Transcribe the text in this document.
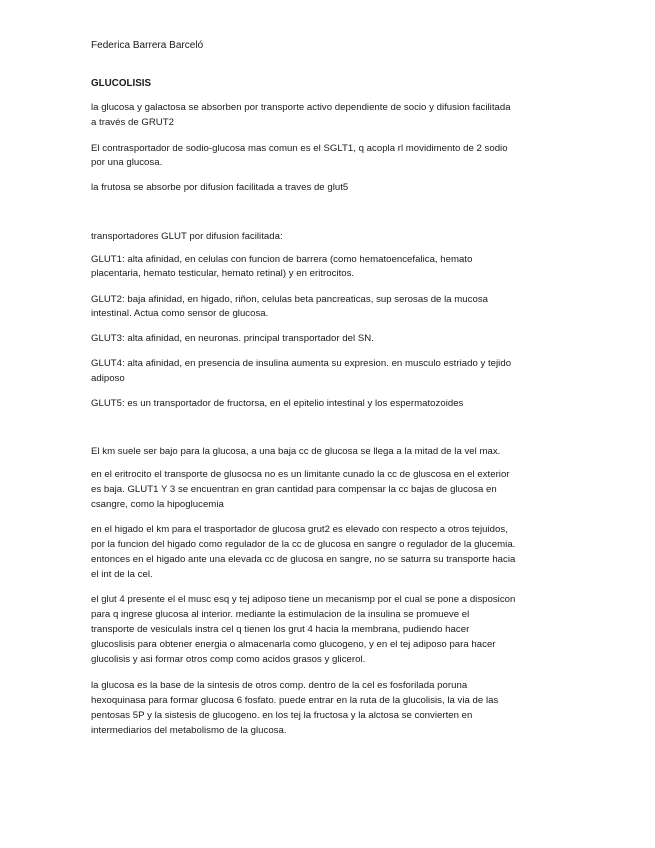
Federica Barrera Barceló
GLUCOLISIS
la glucosa y galactosa se absorben por transporte activo dependiente de socio y difusion facilitada
a través de GRUT2
El contrasportador de sodio-glucosa mas comun es el SGLT1, q acopla rl movidimento de 2 sodio
por una glucosa.
la frutosa se absorbe por difusion facilitada a traves de glut5
transportadores GLUT por difusion facilitada:
GLUT1: alta afinidad, en celulas con funcion de barrera (como hematoencefalica, hemato
placentaria, hemato testicular, hemato retinal) y en eritrocitos.
GLUT2: baja afinidad, en higado, riñon, celulas beta pancreaticas, sup serosas de la mucosa
intestinal. Actua como sensor de glucosa.
GLUT3: alta afinidad, en neuronas. principal transportador del SN.
GLUT4: alta afinidad, en presencia de insulina aumenta su expresion. en musculo estriado y tejido
adiposo
GLUT5: es un transportador de fructorsa, en el epitelio intestinal y los espermatozoides
El km suele ser bajo para la glucosa, a una baja cc de glucosa se llega a la mitad de la vel max.
en el eritrocito el transporte de glusocsa no es un limitante cunado la cc de gluscosa en el exterior
es baja. GLUT1 Y 3 se encuentran en gran cantidad para compensar la cc bajas de glucosa en
csangre, como la hipoglucemia
en el higado el km para el trasportador de glucosa grut2 es elevado con respecto a otros tejuidos,
por la funcion del higado como regulador de la cc de glucosa en sangre o regulador de la glucemia.
entonces en el higado ante una elevada cc de glucosa en sangre, no se saturra su transporte hacia
el int de la cel.
el glut 4 presente el el musc esq y tej adiposo tiene un mecanismp por el cual se pone a disposicon
para q ingrese glucosa al interior. mediante la estimulacion de la insulina se promueve el
transporte de vesiculals instra cel q tienen los grut 4 hacia la membrana, pudiendo hacer
glucoslisis para obtener energia o almacenarla como glucogeno, y en el tej adiposo para hacer
glucolisis y asi formar otros comp como acidos grasos y glicerol.
la glucosa es la base de la sintesis de otros comp. dentro de la cel es fosforilada poruna
hexoquinasa para formar glucosa 6 fosfato. puede entrar en la ruta de la glucolisis, la via de las
pentosas 5P y la sistesis de glucogeno. en los tej la fructosa y la alctosa se convierten en
intermediarios del metabolismo de la glucosa.
